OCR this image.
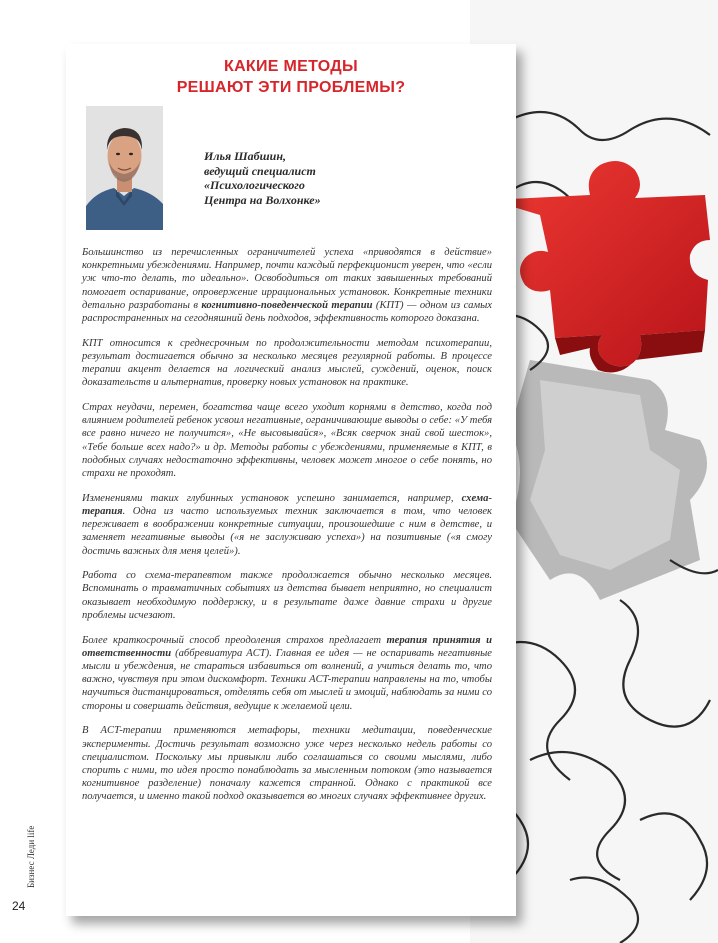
КАКИЕ МЕТОДЫ
РЕШАЮТ ЭТИ ПРОБЛЕМЫ?
Илья Шабшин,
ведущий специалист
«Психологического
Центра на Волхонке»

Большинство из перечисленных ограничителей успеха «приводятся в действие» конкретными убеждениями. Например, почти каждый перфекционист уверен, что «если уж что-то делать, то идеально». Освободиться от таких завышенных требований помогает оспаривание, опровержение иррациональных установок. Конкретные техники детально разработаны в когнитивно-поведенческой терапии (КПТ) — одном из самых распространенных на сегодняшний день подходов, эффективность которого доказана.

КПТ относится к среднесрочным по продолжительности методам психотерапии, результат достигается обычно за несколько месяцев регулярной работы. В процессе терапии акцент делается на логический анализ мыслей, суждений, оценок, поиск доказательств и альтернатив, проверку новых установок на практике.

Страх неудачи, перемен, богатства чаще всего уходит корнями в детство, когда под влиянием родителей ребенок усвоил негативные, ограничивающие выводы о себе: «У тебя все равно ничего не получится», «Не высовывайся», «Всяк сверчок знай свой шесток», «Тебе больше всех надо?» и др. Методы работы с убеждениями, применяемые в КПТ, в подобных случаях недостаточно эффективны, человек может многое о себе понять, но страхи не проходят.

Изменениями таких глубинных установок успешно занимается, например, схема-терапия. Одна из часто используемых техник заключается в том, что человек переживает в воображении конкретные ситуации, произошедшие с ним в детстве, и заменяет негативные выводы («я не заслуживаю успеха») на позитивные («я смогу достичь важных для меня целей»).

Работа со схема-терапевтом также продолжается обычно несколько месяцев. Вспоминать о травматичных событиях из детства бывает неприятно, но специалист оказывает необходимую поддержку, и в результате даже давние страхи и другие проблемы исчезают.

Более краткосрочный способ преодоления страхов предлагает терапия принятия и ответственности (аббревиатура ACT). Главная ее идея — не оспаривать негативные мысли и убеждения, не стараться избавиться от волнений, а учиться делать то, что важно, чувствуя при этом дискомфорт. Техники ACT-терапии направлены на то, чтобы научиться дистанцироваться, отделять себя от мыслей и эмоций, наблюдать за ними со стороны и совершать действия, ведущие к желаемой цели.

В ACT-терапии применяются метафоры, техники медитации, поведенческие эксперименты. Достичь результат возможно уже через несколько недель работы со специалистом. Поскольку мы привыкли либо соглашаться со своими мыслями, либо спорить с ними, то идея просто понаблюдать за мысленным потоком (это называется когнитивное разделение) поначалу кажется странной. Однако с практикой все получается, и именно такой подход оказывается во многих случаях эффективнее других.

Бизнес Леди life
24
